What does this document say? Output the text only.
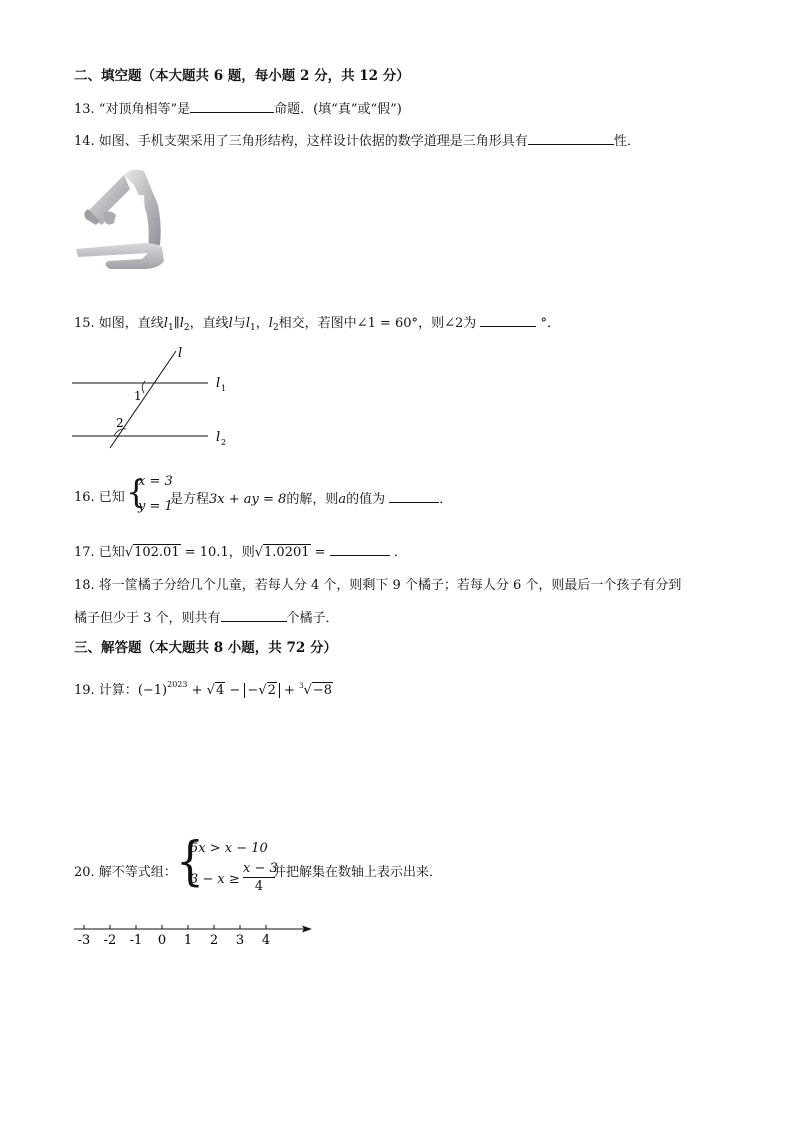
二、填空题（本大题共 6 题，每小题 2 分，共 12 分）
13. “对顶角相等”是	命题．(填“真”或“假”)
14. 如图、手机支架采用了三角形结构，这样设计依据的数学道理是三角形具有	性．
15. 如图，直线$l_1\parallel l_2$，直线l与$l_1$，$l_2$相交，若图中∠1 = 60°，则∠2为	°．
l
l 1
l 2
1
2
16. 已知 {
x = 3
y = 1
是方程3x + ay = 8的解，则a的值为	．
17. 已知√102.01 = 10.1，则√1.0201 =	．
18. 将一筐橘子分给几个儿童，若每人分 4 个，则剩下 9 个橘子；若每人分 6 个，则最后一个孩子有分到
橘子但少于 3 个，则共有	个橘子．
三、解答题（本大题共 8 小题，共 72 分）
19. 计算：$(-1)^{2023} + √4 - -√2 + ^3√-8$
20. 解不等式组： {
5x > x − 10
$3 - x \ge \frac{x - 3}{4}$
并把解集在数轴上表示出来．
-3 -2 -1 0 1 2 3 4
